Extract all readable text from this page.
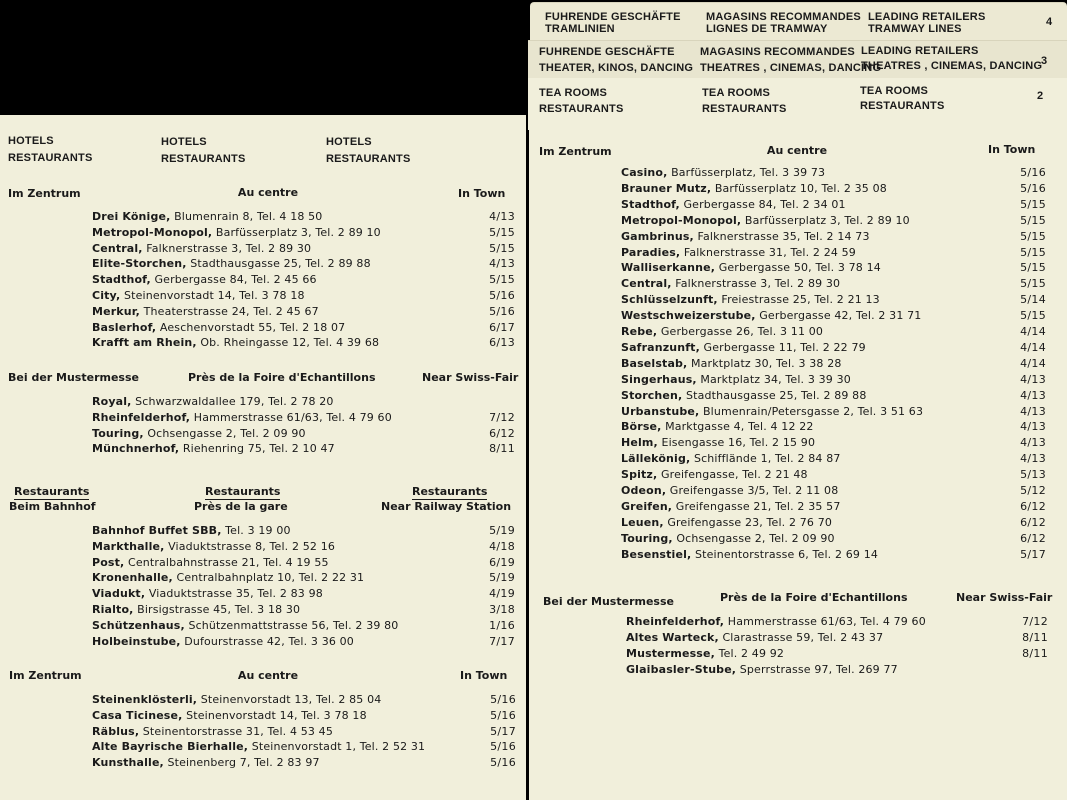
FUHRENDE GESCHÄFTE
TRAMLINIEN
MAGASINS RECOMMANDES
LIGNES DE TRAMWAY
LEADING RETAILERS
TRAMWAY LINES
4
FUHRENDE GESCHÄFTE
THEATER, KINOS, DANCING
MAGASINS RECOMMANDES
THEATRES , CINEMAS, DANCING
LEADING RETAILERS
THEATRES , CINEMAS, DANCING
3
TEA ROOMS
RESTAURANTS
TEA ROOMS
RESTAURANTS
TEA ROOMS
RESTAURANTS
2
HOTELS
RESTAURANTS
HOTELS
RESTAURANTS
HOTELS
RESTAURANTS
Im Zentrum	Au centre	In Town
Drei Könige, Blumenrain 8, Tel. 4 18 50	4/13
Metropol-Monopol, Barfüsserplatz 3, Tel. 2 89 10	5/15
Central, Falknerstrasse 3, Tel. 2 89 30	5/15
Elite-Storchen, Stadthausgasse 25, Tel. 2 89 88	4/13
Stadthof, Gerbergasse 84, Tel. 2 45 66	5/15
City, Steinenvorstadt 14, Tel. 3 78 18	5/16
Merkur, Theaterstrasse 24, Tel. 2 45 67	5/16
Baslerhof, Aeschenvorstadt 55, Tel. 2 18 07	6/17
Krafft am Rhein, Ob. Rheingasse 12, Tel. 4 39 68	6/13
Bei der Mustermesse	Près de la Foire d'Echantillons	Near Swiss-Fair
Royal, Schwarzwaldallee 179, Tel. 2 78 20
Rheinfelderhof, Hammerstrasse 61/63, Tel. 4 79 60	7/12
Touring, Ochsengasse 2, Tel. 2 09 90	6/12
Münchnerhof, Riehenring 75, Tel. 2 10 47	8/11
Restaurants	Restaurants	Restaurants
Beim Bahnhof	Près de la gare	Near Railway Station
Bahnhof Buffet SBB, Tel. 3 19 00	5/19
Markthalle, Viaduktstrasse 8, Tel. 2 52 16	4/18
Post, Centralbahnstrasse 21, Tel. 4 19 55	6/19
Kronenhalle, Centralbahnplatz 10, Tel. 2 22 31	5/19
Viadukt, Viaduktstrasse 35, Tel. 2 83 98	4/19
Rialto, Birsigstrasse 45, Tel. 3 18 30	3/18
Schützenhaus, Schützenmattstrasse 56, Tel. 2 39 80	1/16
Holbeinstube, Dufourstrasse 42, Tel. 3 36 00	7/17
Im Zentrum	Au centre	In Town
Steinenklösterli, Steinenvorstadt 13, Tel. 2 85 04	5/16
Casa Ticinese, Steinenvorstadt 14, Tel. 3 78 18	5/16
Räblus, Steinentorstrasse 31, Tel. 4 53 45	5/17
Alte Bayrische Bierhalle, Steinenvorstadt 1, Tel. 2 52 31	5/16
Kunsthalle, Steinenberg 7, Tel. 2 83 97	5/16
Im Zentrum	Au centre	In Town
Casino, Barfüsserplatz, Tel. 3 39 73	5/16
Brauner Mutz, Barfüsserplatz 10, Tel. 2 35 08	5/16
Stadthof, Gerbergasse 84, Tel. 2 34 01	5/15
Metropol-Monopol, Barfüsserplatz 3, Tel. 2 89 10	5/15
Gambrinus, Falknerstrasse 35, Tel. 2 14 73	5/15
Paradies, Falknerstrasse 31, Tel. 2 24 59	5/15
Walliserkanne, Gerbergasse 50, Tel. 3 78 14	5/15
Central, Falknerstrasse 3, Tel. 2 89 30	5/15
Schlüsselzunft, Freiestrasse 25, Tel. 2 21 13	5/14
Westschweizerstube, Gerbergasse 42, Tel. 2 31 71	5/15
Rebe, Gerbergasse 26, Tel. 3 11 00	4/14
Safranzunft, Gerbergasse 11, Tel. 2 22 79	4/14
Baselstab, Marktplatz 30, Tel. 3 38 28	4/14
Singerhaus, Marktplatz 34, Tel. 3 39 30	4/13
Storchen, Stadthausgasse 25, Tel. 2 89 88	4/13
Urbanstube, Blumenrain/Petersgasse 2, Tel. 3 51 63	4/13
Börse, Marktgasse 4, Tel. 4 12 22	4/13
Helm, Eisengasse 16, Tel. 2 15 90	4/13
Lällekönig, Schifflände 1, Tel. 2 84 87	4/13
Spitz, Greifengasse, Tel. 2 21 48	5/13
Odeon, Greifengasse 3/5, Tel. 2 11 08	5/12
Greifen, Greifengasse 21, Tel. 2 35 57	6/12
Leuen, Greifengasse 23, Tel. 2 76 70	6/12
Touring, Ochsengasse 2, Tel. 2 09 90	6/12
Besenstiel, Steinentorstrasse 6, Tel. 2 69 14	5/17
Bei der Mustermesse	Près de la Foire d'Echantillons	Near Swiss-Fair
Rheinfelderhof, Hammerstrasse 61/63, Tel. 4 79 60	7/12
Altes Warteck, Clarastrasse 59, Tel. 2 43 37	8/11
Mustermesse, Tel. 2 49 92	8/11
Glaibasler-Stube, Sperrstrasse 97, Tel. 269 77
